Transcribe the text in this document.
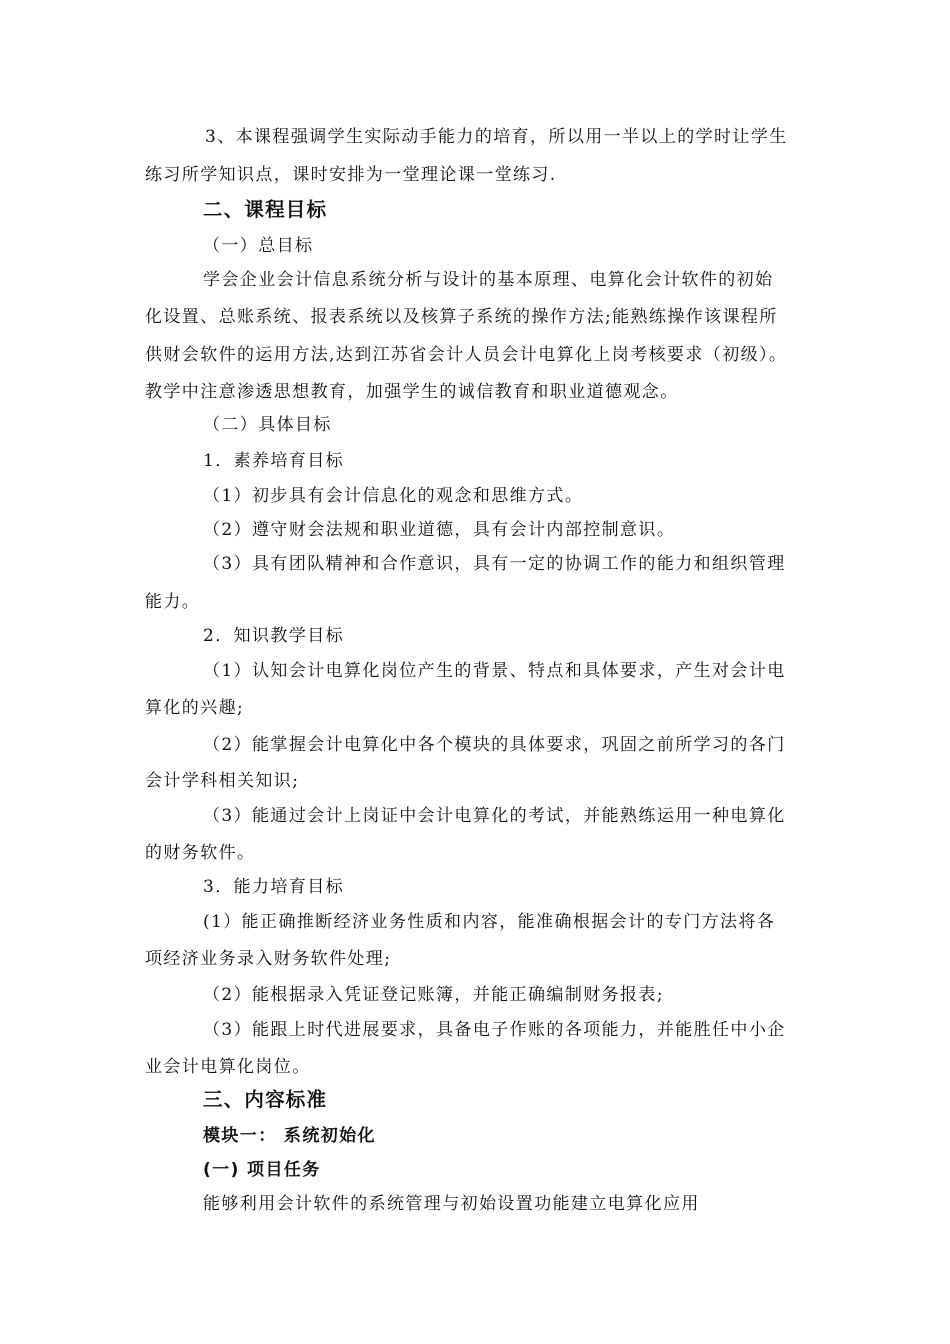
3、本课程强调学生实际动手能力的培育，所以用一半以上的学时让学生
练习所学知识点，课时安排为一堂理论课一堂练习.
二、课程目标
（一）总目标
学会企业会计信息系统分析与设计的基本原理、电算化会计软件的初始
化设置、总账系统、报表系统以及核算子系统的操作方法;能熟练操作该课程所
供财会软件的运用方法,达到江苏省会计人员会计电算化上岗考核要求（初级）。
教学中注意渗透思想教育，加强学生的诚信教育和职业道德观念。
（二）具体目标
1．素养培育目标
（1）初步具有会计信息化的观念和思维方式。
（2）遵守财会法规和职业道德，具有会计内部控制意识。
（3）具有团队精神和合作意识，具有一定的协调工作的能力和组织管理
能力。
2．知识教学目标
（1）认知会计电算化岗位产生的背景、特点和具体要求，产生对会计电
算化的兴趣;
（2）能掌握会计电算化中各个模块的具体要求，巩固之前所学习的各门
会计学科相关知识;
（3）能通过会计上岗证中会计电算化的考试，并能熟练运用一种电算化
的财务软件。
3．能力培育目标
(1）能正确推断经济业务性质和内容，能准确根据会计的专门方法将各
项经济业务录入财务软件处理;
（2）能根据录入凭证登记账簿，并能正确编制财务报表;
（3）能跟上时代进展要求，具备电子作账的各项能力，并能胜任中小企
业会计电算化岗位。
三、内容标准
模块一： 系统初始化
(一) 项目任务
能够利用会计软件的系统管理与初始设置功能建立电算化应用
